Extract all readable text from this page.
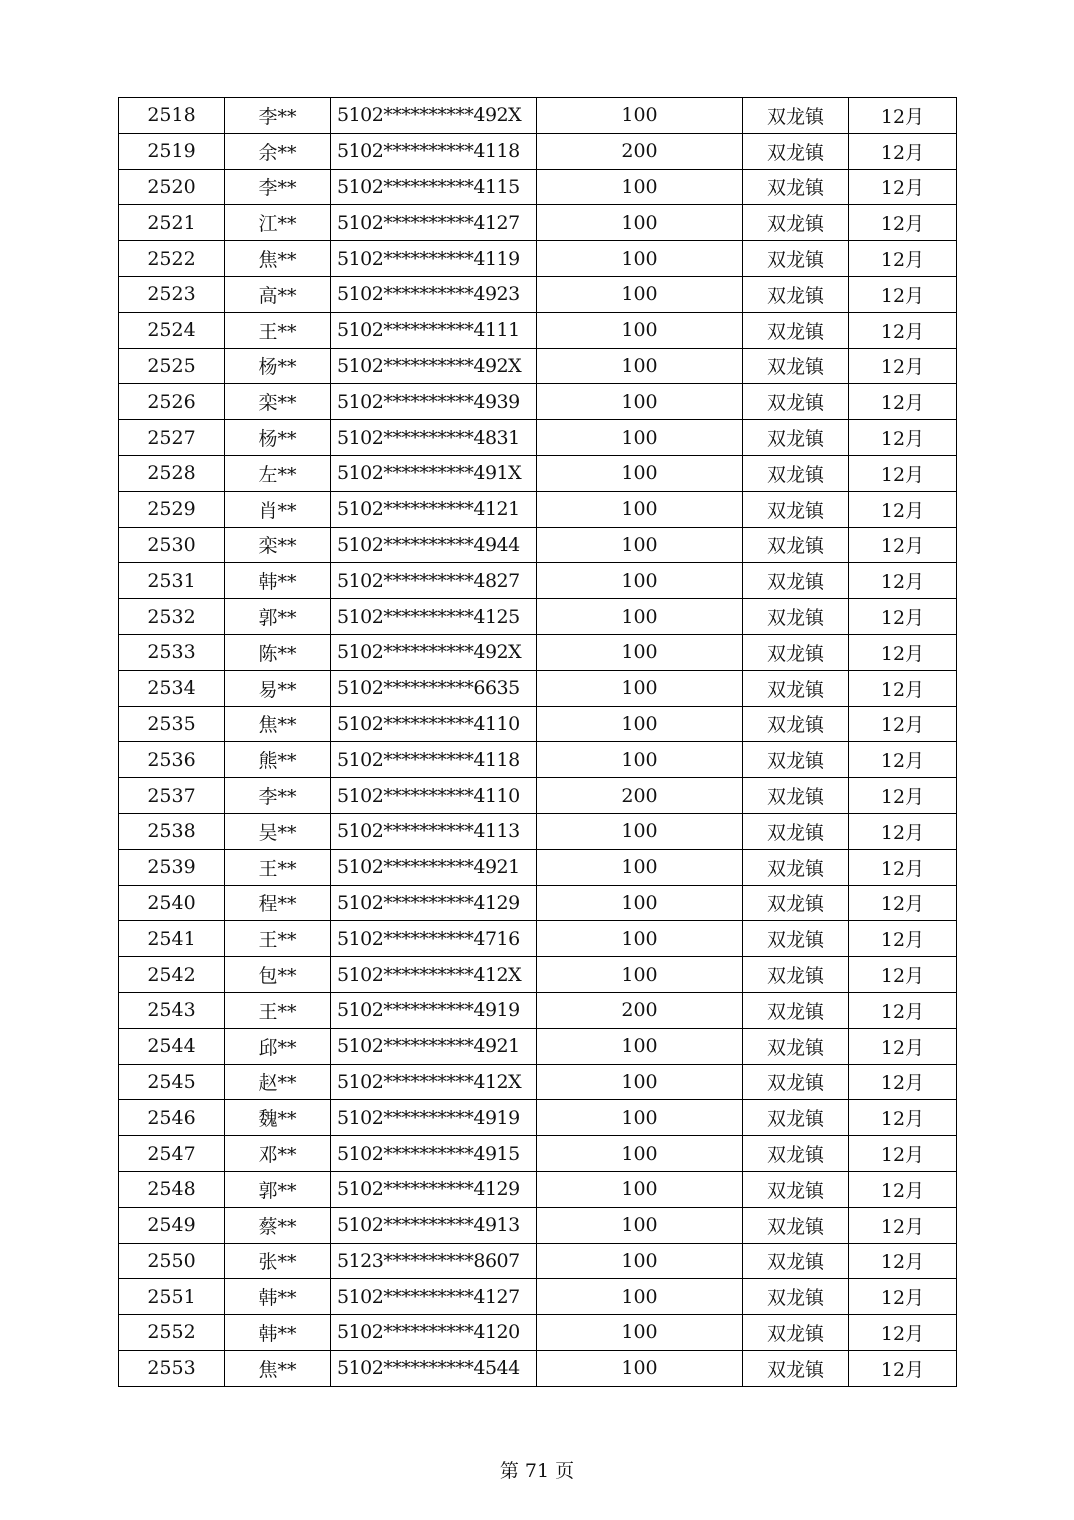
2518	李**	5102**********492X	100	双龙镇	12月
2519	余**	5102**********4118	200	双龙镇	12月
2520	李**	5102**********4115	100	双龙镇	12月
2521	江**	5102**********4127	100	双龙镇	12月
2522	焦**	5102**********4119	100	双龙镇	12月
2523	高**	5102**********4923	100	双龙镇	12月
2524	王**	5102**********4111	100	双龙镇	12月
2525	杨**	5102**********492X	100	双龙镇	12月
2526	栾**	5102**********4939	100	双龙镇	12月
2527	杨**	5102**********4831	100	双龙镇	12月
2528	左**	5102**********491X	100	双龙镇	12月
2529	肖**	5102**********4121	100	双龙镇	12月
2530	栾**	5102**********4944	100	双龙镇	12月
2531	韩**	5102**********4827	100	双龙镇	12月
2532	郭**	5102**********4125	100	双龙镇	12月
2533	陈**	5102**********492X	100	双龙镇	12月
2534	易**	5102**********6635	100	双龙镇	12月
2535	焦**	5102**********4110	100	双龙镇	12月
2536	熊**	5102**********4118	100	双龙镇	12月
2537	李**	5102**********4110	200	双龙镇	12月
2538	吴**	5102**********4113	100	双龙镇	12月
2539	王**	5102**********4921	100	双龙镇	12月
2540	程**	5102**********4129	100	双龙镇	12月
2541	王**	5102**********4716	100	双龙镇	12月
2542	包**	5102**********412X	100	双龙镇	12月
2543	王**	5102**********4919	200	双龙镇	12月
2544	邱**	5102**********4921	100	双龙镇	12月
2545	赵**	5102**********412X	100	双龙镇	12月
2546	魏**	5102**********4919	100	双龙镇	12月
2547	邓**	5102**********4915	100	双龙镇	12月
2548	郭**	5102**********4129	100	双龙镇	12月
2549	蔡**	5102**********4913	100	双龙镇	12月
2550	张**	5123**********8607	100	双龙镇	12月
2551	韩**	5102**********4127	100	双龙镇	12月
2552	韩**	5102**********4120	100	双龙镇	12月
2553	焦**	5102**********4544	100	双龙镇	12月
第 71 页
